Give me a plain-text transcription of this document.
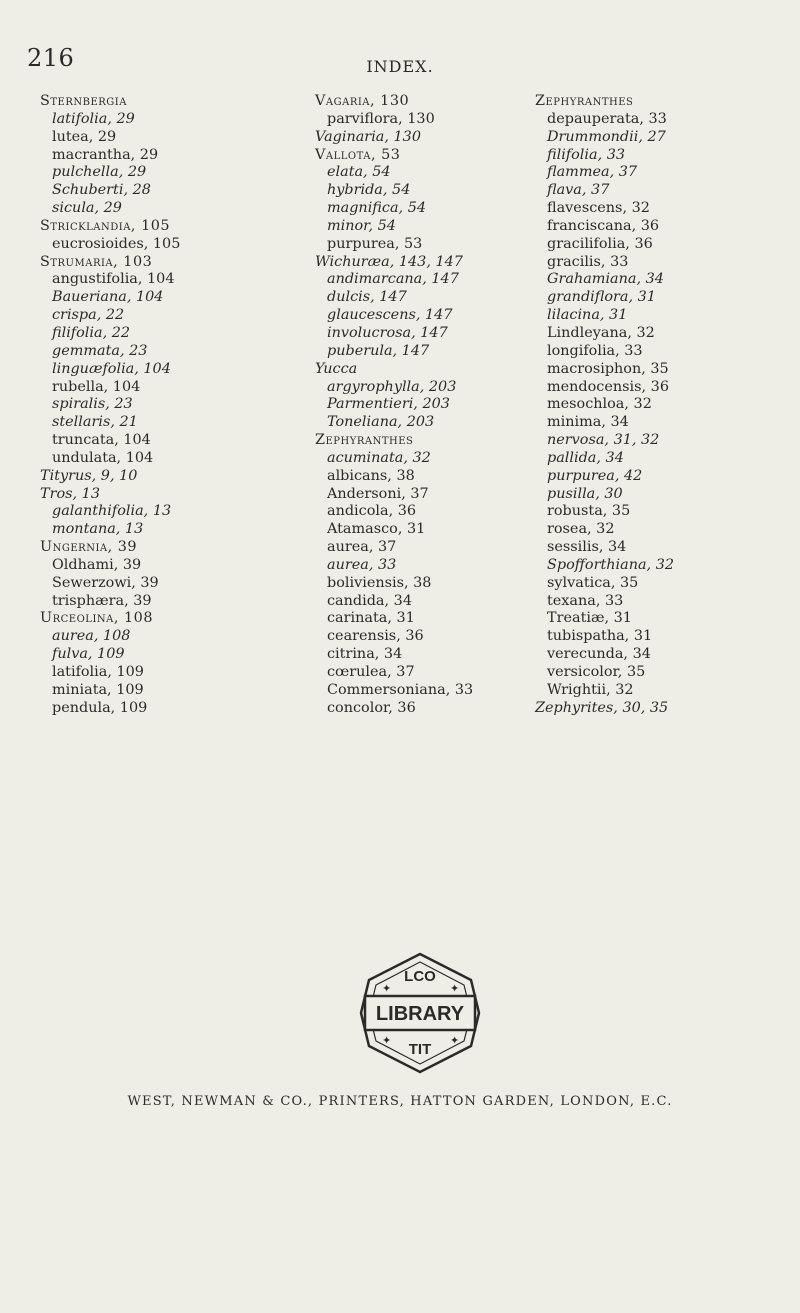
216	INDEX.
Sternbergia
latifolia, 29
lutea, 29
macrantha, 29
pulchella, 29
Schuberti, 28
sicula, 29
Stricklandia, 105
eucrosioides, 105
Strumaria, 103
angustifolia, 104
Baueriana, 104
crispa, 22
filifolia, 22
gemmata, 23
linguæfolia, 104
rubella, 104
spiralis, 23
stellaris, 21
truncata, 104
undulata, 104
Tityrus, 9, 10
Tros, 13
galanthifolia, 13
montana, 13
Ungernia, 39
Oldhami, 39
Sewerzowi, 39
trisphæra, 39
Urceolina, 108
aurea, 108
fulva, 109
latifolia, 109
miniata, 109
pendula, 109
Vagaria, 130
parviflora, 130
Vaginaria, 130
Vallota, 53
elata, 54
hybrida, 54
magnifica, 54
minor, 54
purpurea, 53
Wichuræa, 143, 147
andimarcana, 147
dulcis, 147
glaucescens, 147
involucrosa, 147
puberula, 147
Yucca
argyrophylla, 203
Parmentieri, 203
Toneliana, 203
Zephyranthes
acuminata, 32
albicans, 38
Andersoni, 37
andicola, 36
Atamasco, 31
aurea, 37
aurea, 33
boliviensis, 38
candida, 34
carinata, 31
cearensis, 36
citrina, 34
cœrulea, 37
Commersoniana, 33
concolor, 36
Zephyranthes
depauperata, 33
Drummondii, 27
filifolia, 33
flammea, 37
flava, 37
flavescens, 32
franciscana, 36
gracilifolia, 36
gracilis, 33
Grahamiana, 34
grandiflora, 31
lilacina, 31
Lindleyana, 32
longifolia, 33
macrosiphon, 35
mendocensis, 36
mesochloa, 32
minima, 34
nervosa, 31, 32
pallida, 34
purpurea, 42
pusilla, 30
robusta, 35
rosea, 32
sessilis, 34
Spofforthiana, 32
sylvatica, 35
texana, 33
Treatiæ, 31
tubispatha, 31
verecunda, 34
versicolor, 35
Wrightii, 32
Zephyrites, 30, 35
LCO
LIBRARY
TIT
✦	✦
✦	✦
WEST, NEWMAN & CO., PRINTERS, HATTON GARDEN, LONDON, E.C.
